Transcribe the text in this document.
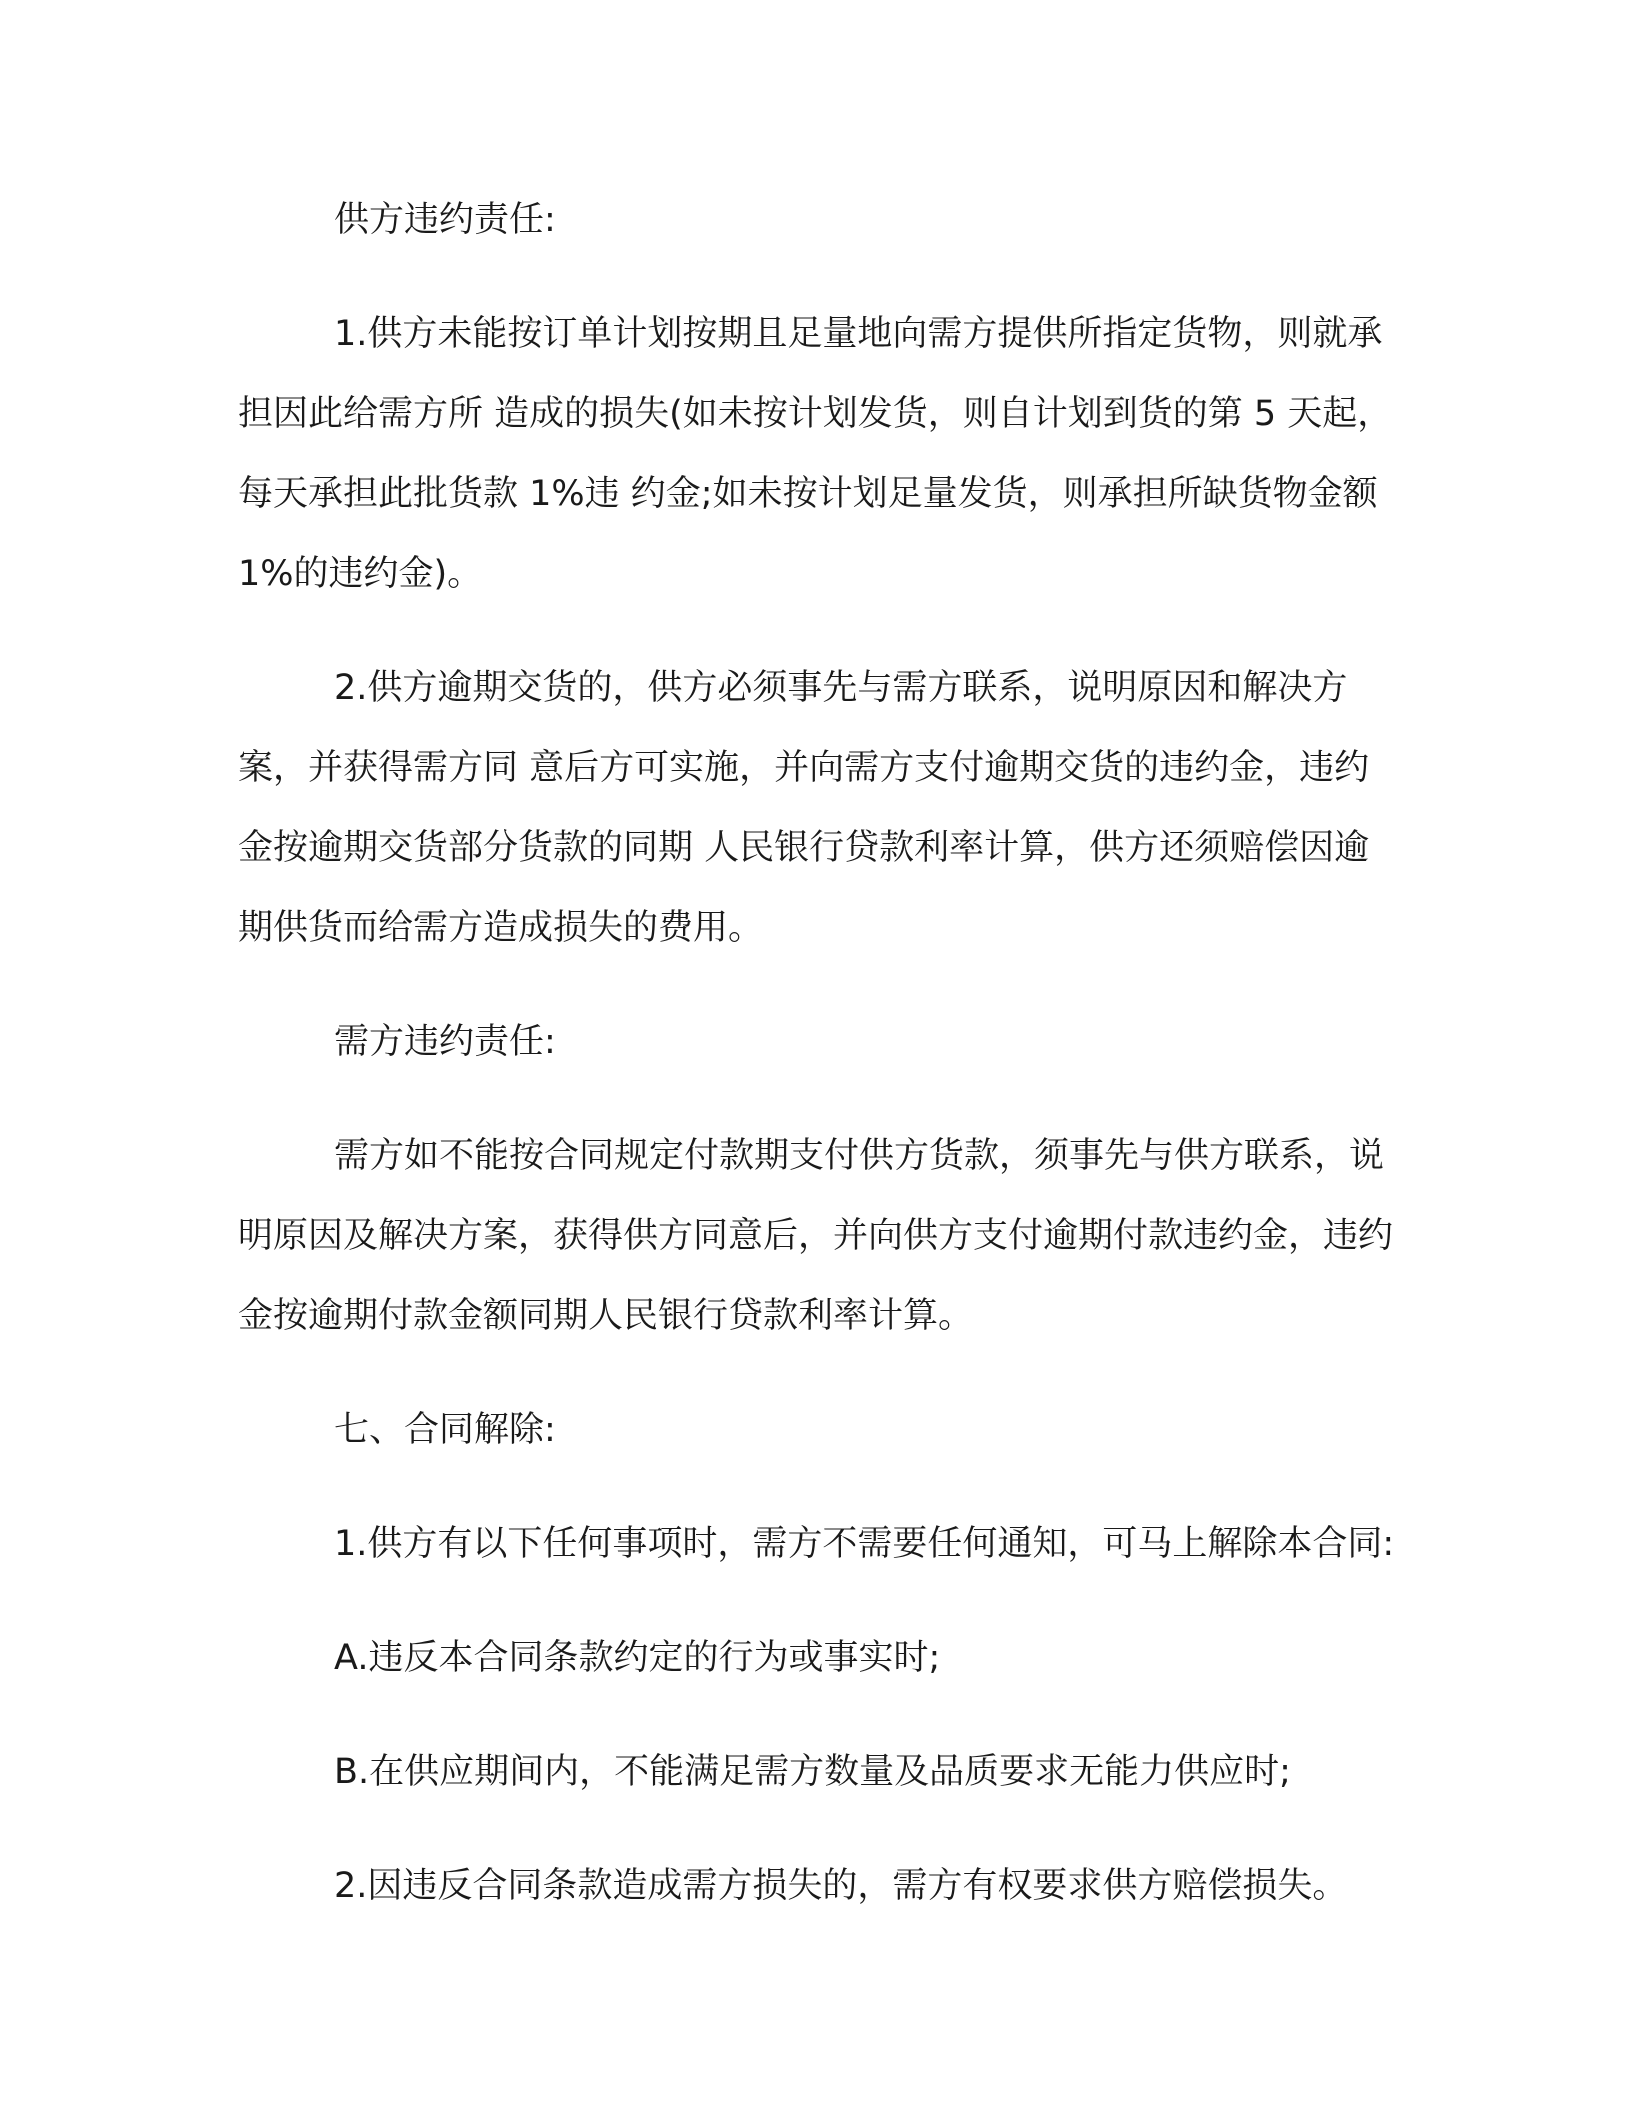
供方违约责任:

1.供方未能按订单计划按期且足量地向需方提供所指定货物，则就承担因此给需方所 造成的损失(如未按计划发货，则自计划到货的第 5 天起，每天承担此批货款 1%违 约金;如未按计划足量发货，则承担所缺货物金额 1%的违约金)。

2.供方逾期交货的，供方必须事先与需方联系，说明原因和解决方案，并获得需方同 意后方可实施，并向需方支付逾期交货的违约金，违约金按逾期交货部分货款的同期 人民银行贷款利率计算，供方还须赔偿因逾期供货而给需方造成损失的费用。

需方违约责任:

需方如不能按合同规定付款期支付供方货款，须事先与供方联系，说明原因及解决方案，获得供方同意后，并向供方支付逾期付款违约金，违约金按逾期付款金额同期人民银行贷款利率计算。

七、合同解除:

1.供方有以下任何事项时，需方不需要任何通知，可马上解除本合同:

A.违反本合同条款约定的行为或事实时;

B.在供应期间内，不能满足需方数量及品质要求无能力供应时;

2.因违反合同条款造成需方损失的，需方有权要求供方赔偿损失。
